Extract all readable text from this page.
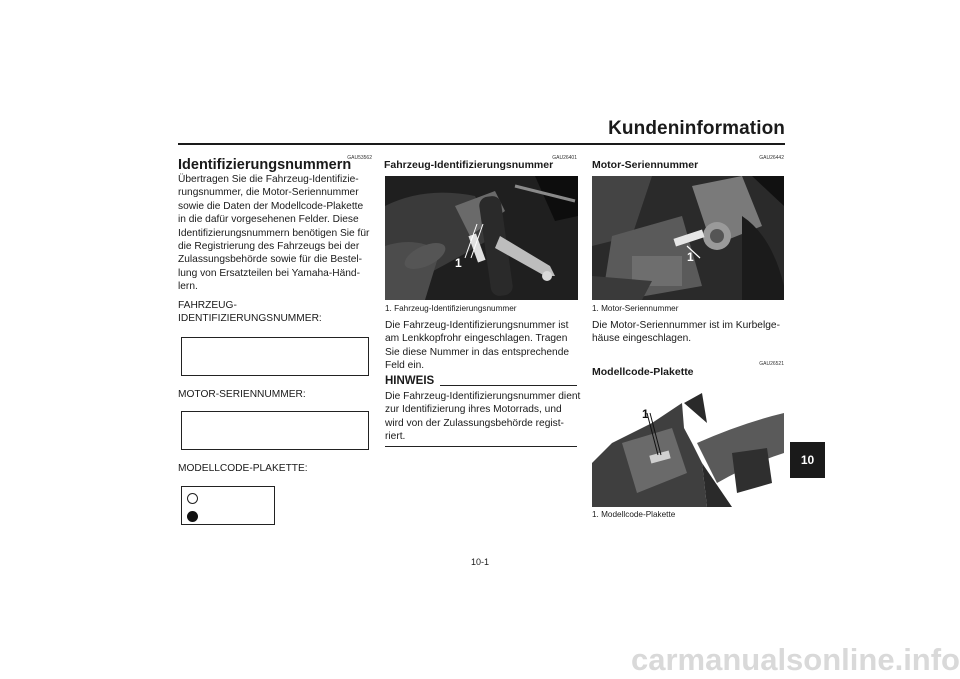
Kundeninformation
GAU53562
Identifizierungsnummern
Übertragen Sie die Fahrzeug-Identifizie-
rungsnummer, die Motor-Seriennummer
sowie die Daten der Modellcode-Plakette
in die dafür vorgesehenen Felder. Diese
Identifizierungsnummern benötigen Sie für
die Registrierung des Fahrzeugs bei der
Zulassungsbehörde sowie für die Bestel-
lung von Ersatzteilen bei Yamaha-Händ-
lern.
FAHRZEUG-
IDENTIFIZIERUNGSNUMMER:
MOTOR-SERIENNUMMER:
MODELLCODE-PLAKETTE:
GAU26401
Fahrzeug-Identifizierungsnummer
1
1. Fahrzeug-Identifizierungsnummer
Die Fahrzeug-Identifizierungsnummer ist
am Lenkkopfrohr eingeschlagen. Tragen
Sie diese Nummer in das entsprechende
Feld ein.
HINWEIS
Die Fahrzeug-Identifizierungsnummer dient
zur Identifizierung ihres Motorrads, und
wird von der Zulassungsbehörde regist-
riert.
GAU26442
Motor-Seriennummer
1
1. Motor-Seriennummer
Die Motor-Seriennummer ist im Kurbelge-
häuse eingeschlagen.
GAU26521
Modellcode-Plakette
1
1. Modellcode-Plakette
10
10-1
carmanualsonline.info
